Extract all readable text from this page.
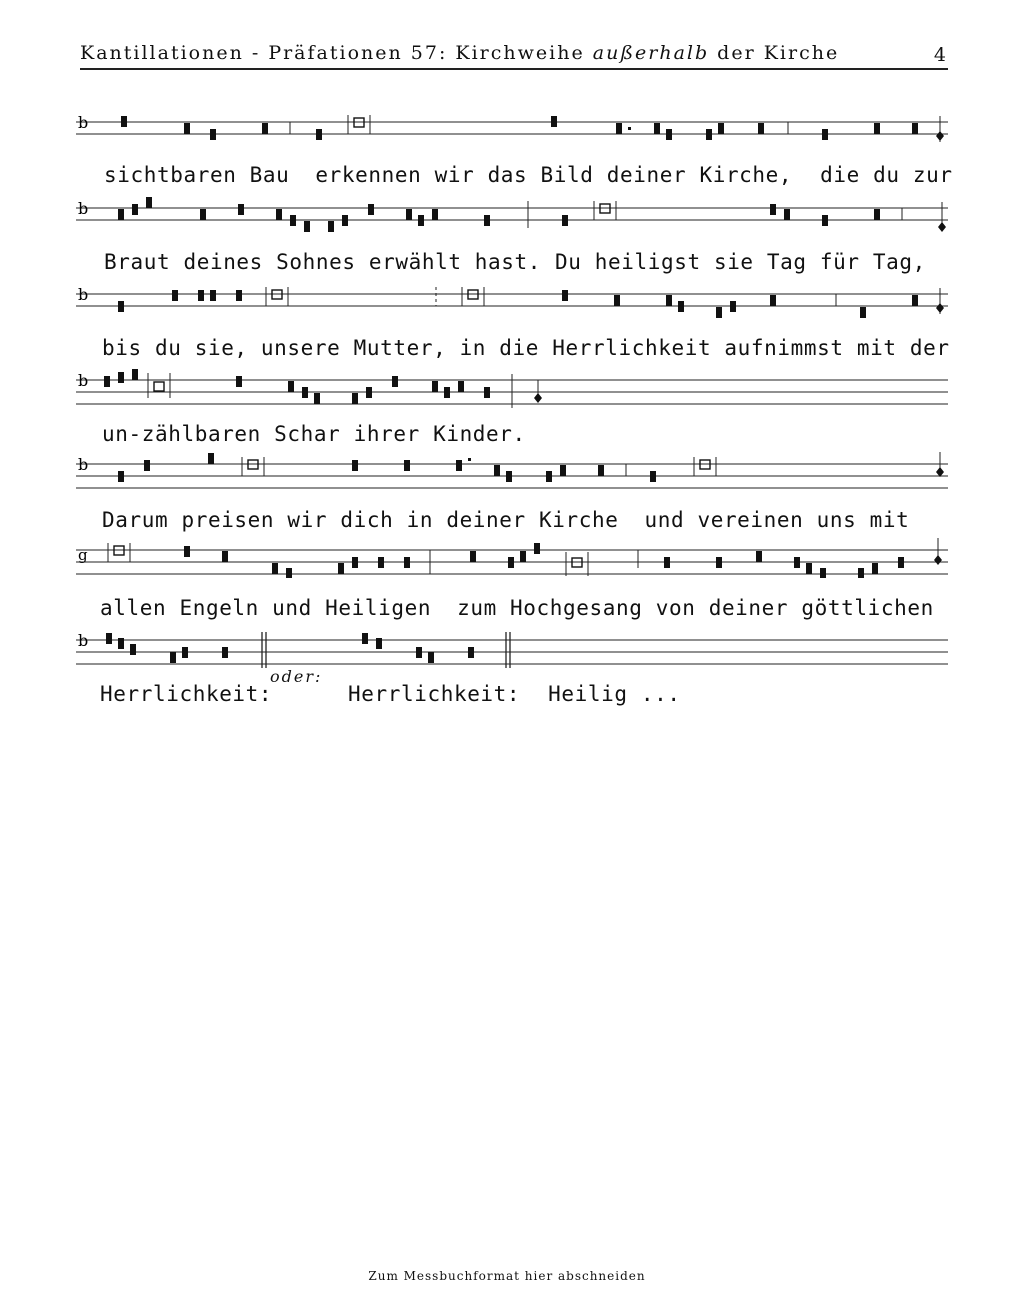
Kantillationen - Präfationen 57: Kirchweihe außerhalb der Kirche	4
b
sichtbaren Bau erkennen wir das Bild deiner Kirche, die du zur
b
Braut deines Sohnes erwählt hast. Du heiligst sie Tag für Tag,
b
bis du sie, unsere Mutter, in die Herrlichkeit aufnimmst mit der
b
un-zählbaren Schar ihrer Kinder.
b
Darum preisen wir dich in deiner Kirche und vereinen uns mit
g
allen Engeln und Heiligen zum Hochgesang von deiner göttlichen
b
oder:
Herrlichkeit:	Herrlichkeit: Heilig ...
Zum Messbuchformat hier abschneiden
